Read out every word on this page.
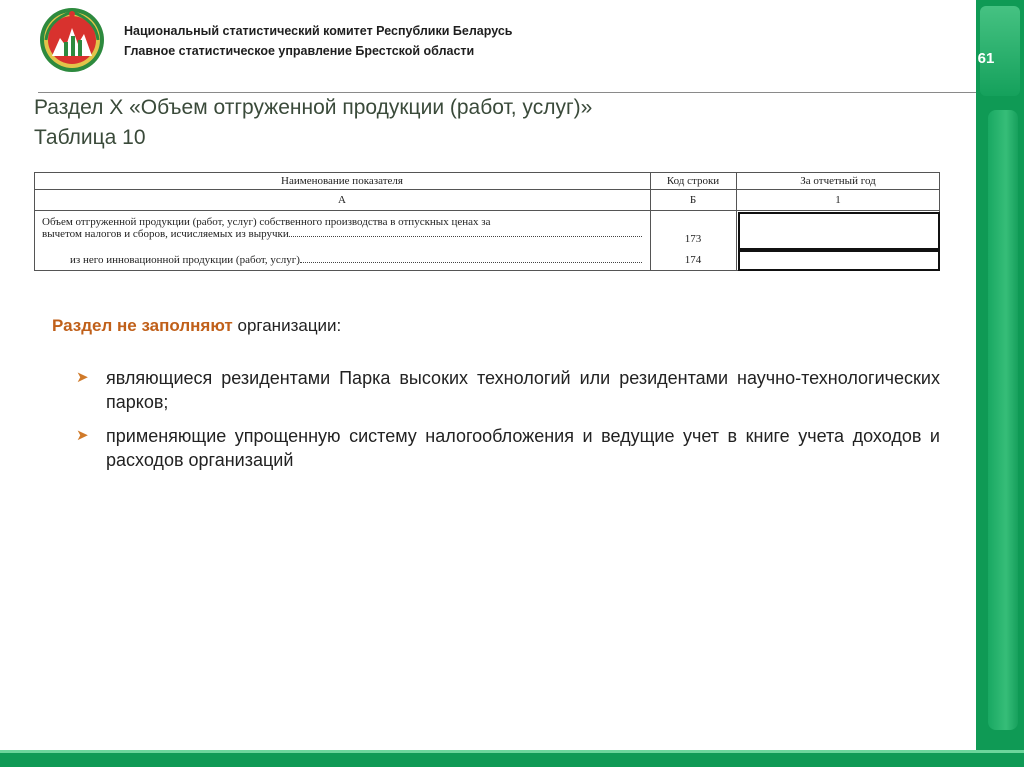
Национальный статистический комитет Республики Беларусь
Главное статистическое управление Брестской области	61
Раздел Х «Объем отгруженной продукции (работ, услуг)»
Таблица 10
Наименование показателя	Код строки	За отчетный год
А	Б	1
Объем отгруженной продукции (работ, услуг) собственного производства в отпускных ценах за
вычетом налогов и сборов, исчисляемых из выручки	173
из него инновационной продукции (работ, услуг)	174
Раздел не заполняют организации:
➤ являющиеся резидентами Парка высоких технологий или резидентами научно-технологических парков;
➤ применяющие упрощенную систему налогообложения и ведущие учет в книге учета доходов и расходов организаций
